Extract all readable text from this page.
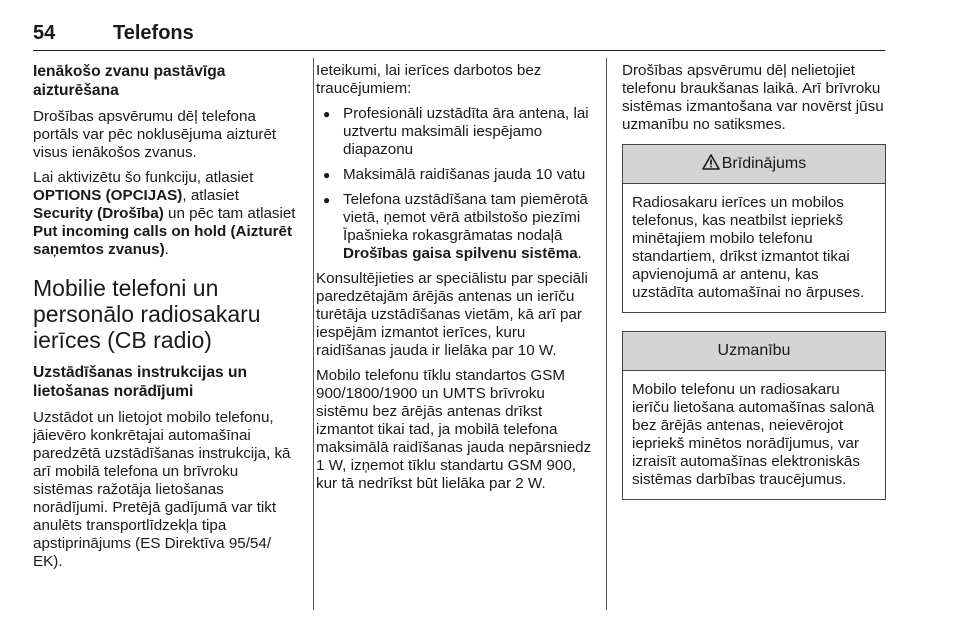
54	Telefons
Ienākošo zvanu pastāvīga aizturēšana

Drošības apsvērumu dēļ telefona portāls var pēc noklusējuma aizturēt visus ienākošos zvanus.

Lai aktivizētu šo funkciju, atlasiet OPTIONS (OPCIJAS), atlasiet Security (Drošība) un pēc tam atlasiet Put incoming calls on hold (Aizturēt saņemtos zvanus).

Mobilie telefoni un personālo radiosakaru ierīces (CB radio)
Uzstādīšanas instrukcijas un lietošanas norādījumi

Uzstādot un lietojot mobilo telefonu, jāievēro konkrētajai automašīnai paredzētā uzstādīšanas instrukcija, kā arī mobilā telefona un brīvroku sistēmas ražotāja lietošanas norādījumi. Pretējā gadījumā var tikt anulēts transportlīdzekļa tipa apstiprinājums (ES Direktīva 95/54/ EK).

Ieteikumi, lai ierīces darbotos bez traucējumiem:

● Profesionāli uzstādīta āra antena, lai uztvertu maksimāli iespējamo diapazonu
● Maksimālā raidīšanas jauda 10 vatu
● Telefona uzstādīšana tam piemērotā vietā, ņemot vērā atbilstošo piezīmi Īpašnieka rokasgrāmatas nodaļā Drošības gaisa spilvenu sistēma.

Konsultējieties ar speciālistu par speciāli paredzētajām ārējās antenas un ierīču turētāja uzstādīšanas vietām, kā arī par iespējām izmantot ierīces, kuru raidīšanas jauda ir lielāka par 10 W.

Mobilo telefonu tīklu standartos GSM 900/1800/1900 un UMTS brīvroku sistēmu bez ārējās antenas drīkst izmantot tikai tad, ja mobilā telefona maksimālā raidīšanas jauda nepārsniedz 1 W, izņemot tīklu standartu GSM 900, kur tā nedrīkst būt lielāka par 2 W.

Drošības apsvērumu dēļ nelietojiet telefonu braukšanas laikā. Arī brīvroku sistēmas izmantošana var novērst jūsu uzmanību no satiksmes.

Brīdinājums
Radiosakaru ierīces un mobilos telefonus, kas neatbilst iepriekš minētajiem mobilo telefonu standartiem, drīkst izmantot tikai apvienojumā ar antenu, kas uzstādīta automašīnai no ārpuses.
Uzmanību
Mobilo telefonu un radiosakaru ierīču lietošana automašīnas salonā bez ārējās antenas, neievērojot iepriekš minētos norādījumus, var izraisīt automašīnas elektroniskās sistēmas darbības traucējumus.
